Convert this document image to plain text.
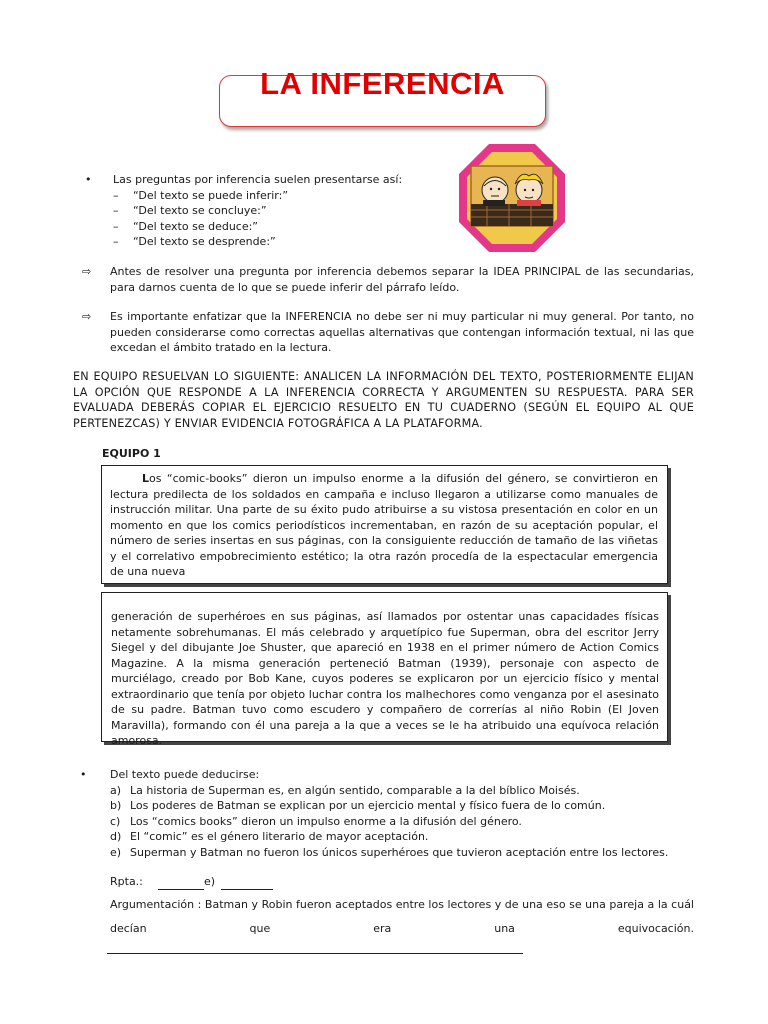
LA INFERENCIA
•	Las preguntas por inferencia suelen presentarse así:
–	“Del texto se puede inferir:”
–	“Del texto se concluye:”
–	“Del texto se deduce:”
–	“Del texto se desprende:”
⇨	Antes de resolver una pregunta por inferencia debemos separar la IDEA PRINCIPAL de las secundarias, para darnos cuenta de lo que se puede inferir del párrafo leído.
⇨	Es importante enfatizar que la INFERENCIA no debe ser ni muy particular ni muy general. Por tanto, no pueden considerarse como correctas aquellas alternativas que contengan información textual, ni las que excedan el ámbito tratado en la lectura.
EN EQUIPO RESUELVAN LO SIGUIENTE: ANALICEN LA INFORMACIÓN DEL TEXTO, POSTERIORMENTE ELIJAN LA OPCIÓN QUE RESPONDE A LA INFERENCIA CORRECTA Y ARGUMENTEN SU RESPUESTA. PARA SER EVALUADA DEBERÁS COPIAR EL EJERCICIO RESUELTO EN TU CUADERNO (SEGÚN EL EQUIPO AL QUE PERTENEZCAS) Y ENVIAR EVIDENCIA FOTOGRÁFICA A LA PLATAFORMA.
EQUIPO 1
Los “comic-books” dieron un impulso enorme a la difusión del género, se convirtieron en lectura predilecta de los soldados en campaña e incluso llegaron a utilizarse como manuales de instrucción militar. Una parte de su éxito pudo atribuirse a su vistosa presentación en color en un momento en que los comics periodísticos incrementaban, en razón de su aceptación popular, el número de series insertas en sus páginas, con la consiguiente reducción de tamaño de las viñetas y el correlativo empobrecimiento estético; la otra razón procedía de la espectacular emergencia de una nueva
generación de superhéroes en sus páginas, así llamados por ostentar unas capacidades físicas netamente sobrehumanas. El más celebrado y arquetípico fue Superman, obra del escritor Jerry Siegel y del dibujante Joe Shuster, que apareció en 1938 en el primer número de Action Comics Magazine. A la misma generación perteneció Batman (1939), personaje con aspecto de murciélago, creado por Bob Kane, cuyos poderes se explicaron por un ejercicio físico y mental extraordinario que tenía por objeto luchar contra los malhechores como venganza por el asesinato de su padre. Batman tuvo como escudero y compañero de correrías al niño Robin (El Joven Maravilla), formando con él una pareja a la que a veces se le ha atribuido una equívoca relación amorosa.
•	Del texto puede deducirse:
a) La historia de Superman es, en algún sentido, comparable a la del bíblico Moisés.
b) Los poderes de Batman se explican por un ejercicio mental y físico fuera de lo común.
c) Los “comics books” dieron un impulso enorme a la difusión del género.
d) El “comic” es el género literario de mayor aceptación.
e) Superman y Batman no fueron los únicos superhéroes que tuvieron aceptación entre los lectores.
Rpta.:	e)
Argumentación : Batman y Robin fueron aceptados entre los lectores y de una eso se una pareja a la cuál
decían que era una equivocación.
